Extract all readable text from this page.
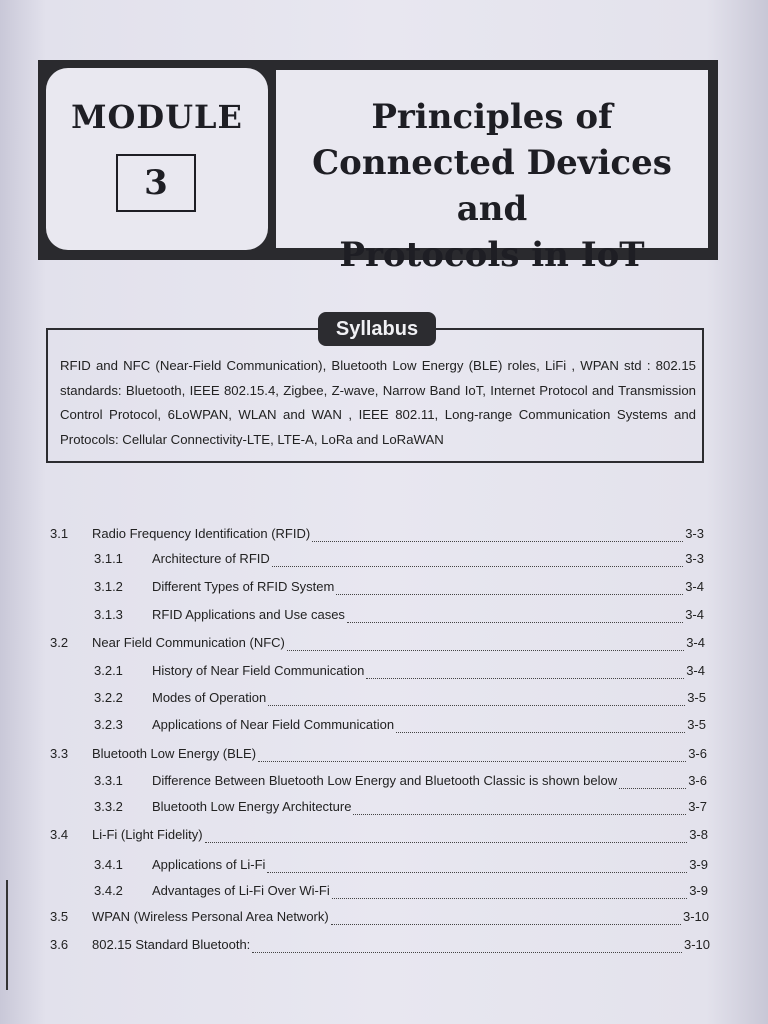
MODULE
3
Principles of
Connected Devices and
Protocols in IoT
Syllabus
RFID and NFC (Near-Field Communication), Bluetooth Low Energy (BLE) roles, LiFi , WPAN std : 802.15 standards: Bluetooth, IEEE 802.15.4, Zigbee, Z-wave, Narrow Band IoT, Internet Protocol and Transmission Control Protocol, 6LoWPAN, WLAN and WAN , IEEE 802.11, Long-range Communication Systems and Protocols: Cellular Connectivity-LTE, LTE-A, LoRa and LoRaWAN
3.1	Radio Frequency Identification (RFID)	3-3
3.1.1	Architecture of RFID	3-3
3.1.2	Different Types of RFID System	3-4
3.1.3	RFID Applications and Use cases	3-4
3.2	Near Field Communication (NFC)	3-4
3.2.1	History of Near Field Communication	3-4
3.2.2	Modes of Operation	3-5
3.2.3	Applications of Near Field Communication	3-5
3.3	Bluetooth Low Energy (BLE)	3-6
3.3.1	Difference Between Bluetooth Low Energy and Bluetooth Classic is shown below	3-6
3.3.2	Bluetooth Low Energy Architecture	3-7
3.4	Li-Fi (Light Fidelity)	3-8
3.4.1	Applications of Li-Fi	3-9
3.4.2	Advantages of Li-Fi Over Wi-Fi	3-9
3.5	WPAN (Wireless Personal Area Network)	3-10
3.6	802.15 Standard Bluetooth:	3-10
